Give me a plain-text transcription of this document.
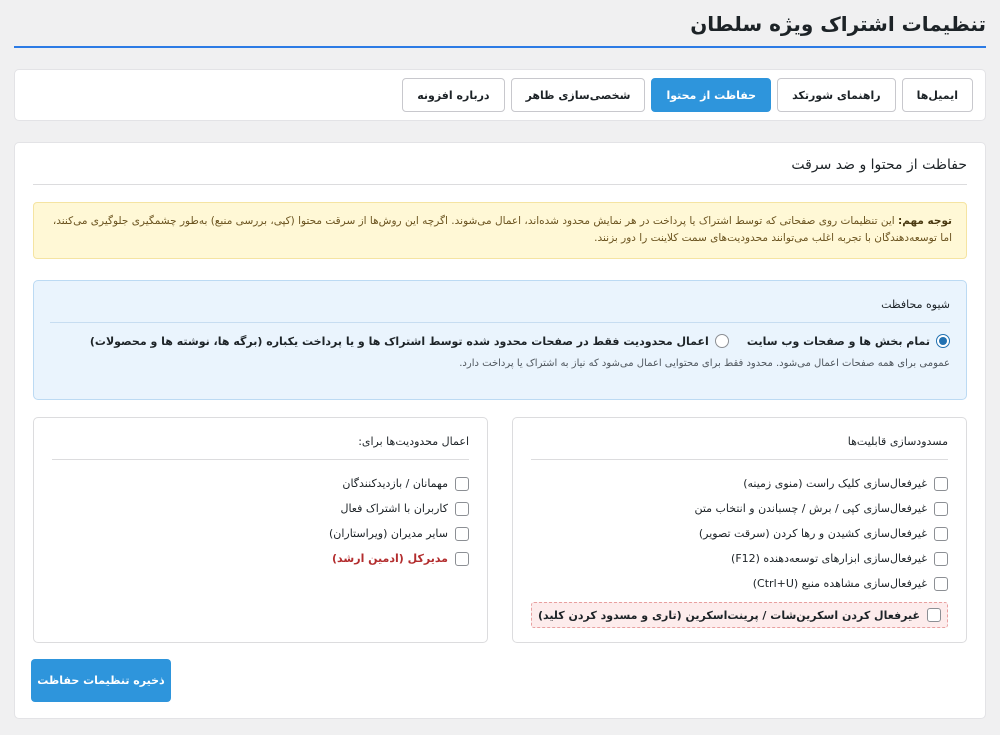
تنظیمات اشتراک ویژه سلطان
ایمیل‌ها
راهنمای شورتکد
حفاظت از محتوا
شخصی‌سازی ظاهر
درباره افزونه
حفاظت از محتوا و ضد سرقت
توجه مهم: این تنظیمات روی صفحاتی که توسط اشتراک یا پرداخت در هر نمایش محدود شده‌اند، اعمال می‌شوند. اگرچه این روش‌ها از سرقت محتوا (کپی، بررسی منبع) به‌طور چشمگیری جلوگیری می‌کنند، اما توسعه‌دهندگان با تجربه اغلب می‌توانند محدودیت‌های سمت کلاینت را دور بزنند.
شیوه محافظت
تمام بخش ها و صفحات وب سایت
اعمال محدودیت فقط در صفحات محدود شده توسط اشتراک ها و یا پرداخت یکباره (برگه ها، نوشته ها و محصولات)
عمومی برای همه صفحات اعمال می‌شود. محدود فقط برای محتوایی اعمال می‌شود که نیاز به اشتراک یا پرداخت دارد.
مسدودسازی قابلیت‌ها
غیرفعال‌سازی کلیک راست (منوی زمینه)
غیرفعال‌سازی کپی / برش / چسباندن و انتخاب متن
غیرفعال‌سازی کشیدن و رها کردن (سرقت تصویر)
غیرفعال‌سازی ابزارهای توسعه‌دهنده (F12)
غیرفعال‌سازی مشاهده منبع (Ctrl+U)
غیرفعال کردن اسکرین‌شات / پرینت‌اسکرین (تاری و مسدود کردن کلید)
اعمال محدودیت‌ها برای:
مهمانان / بازدیدکنندگان
کاربران با اشتراک فعال
سایر مدیران (ویراستاران)
مدیرکل (ادمین ارشد)
ذخیره تنظیمات حفاظت
